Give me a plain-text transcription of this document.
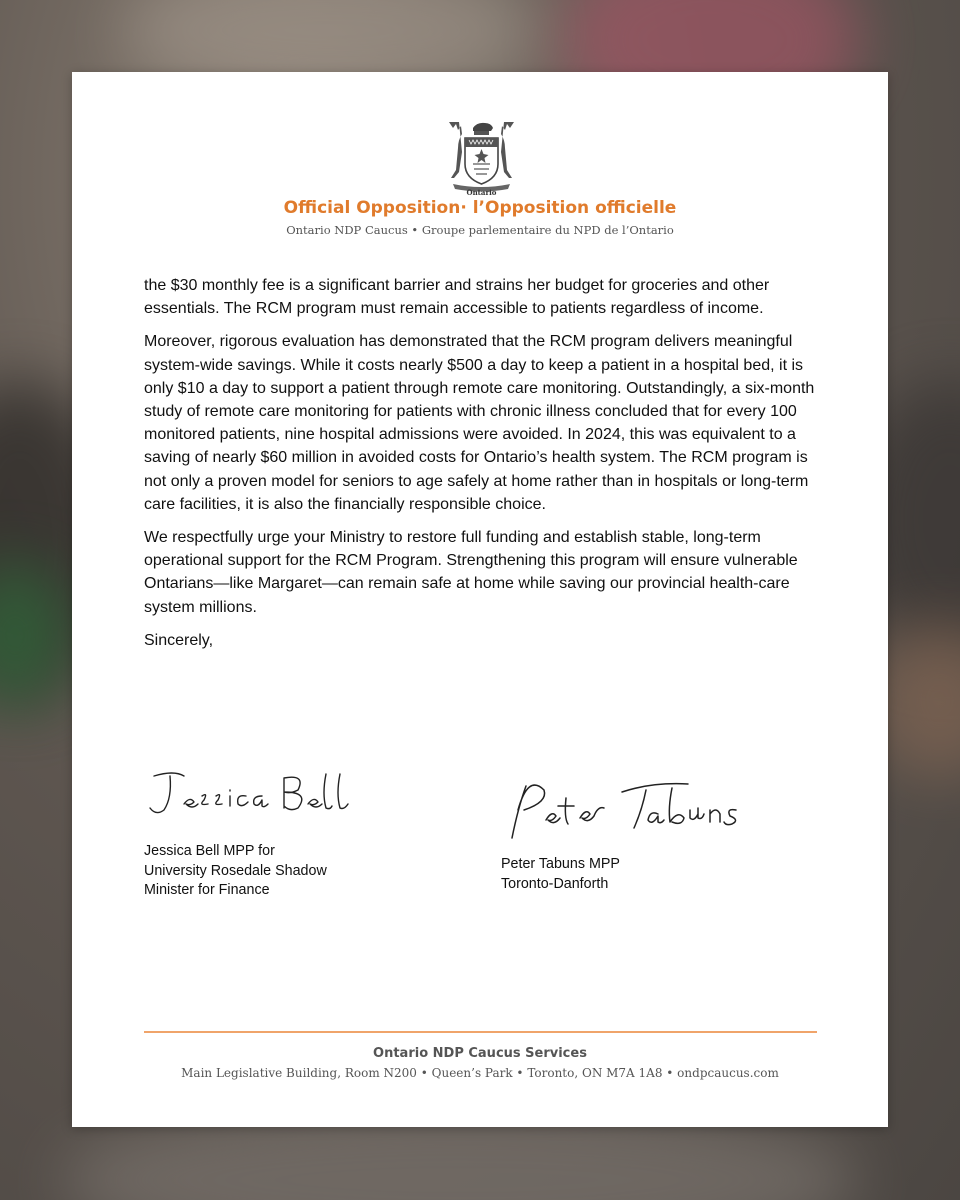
Ontario
Official Opposition· l’Opposition officielle
Ontario NDP Caucus • Groupe parlementaire du NPD de l’Ontario

the $30 monthly fee is a significant barrier and strains her budget for groceries and other essentials. The RCM program must remain accessible to patients regardless of income.

Moreover, rigorous evaluation has demonstrated that the RCM program delivers meaningful system-wide savings. While it costs nearly $500 a day to keep a patient in a hospital bed, it is only $10 a day to support a patient through remote care monitoring. Outstandingly, a six-month study of remote care monitoring for patients with chronic illness concluded that for every 100 monitored patients, nine hospital admissions were avoided. In 2024, this was equivalent to a saving of nearly $60 million in avoided costs for Ontario’s health system. The RCM program is not only a proven model for seniors to age safely at home rather than in hospitals or long-term care facilities, it is also the financially responsible choice.

We respectfully urge your Ministry to restore full funding and establish stable, long-term operational support for the RCM Program. Strengthening this program will ensure vulnerable Ontarians—like Margaret—can remain safe at home while saving our provincial health-care system millions.

Sincerely,

Jessica Bell MPP for
University Rosedale Shadow
Minister for Finance
Peter Tabuns MPP
Toronto-Danforth
Ontario NDP Caucus Services
Main Legislative Building, Room N200 • Queen’s Park • Toronto, ON M7A 1A8 • ondpcaucus.com
